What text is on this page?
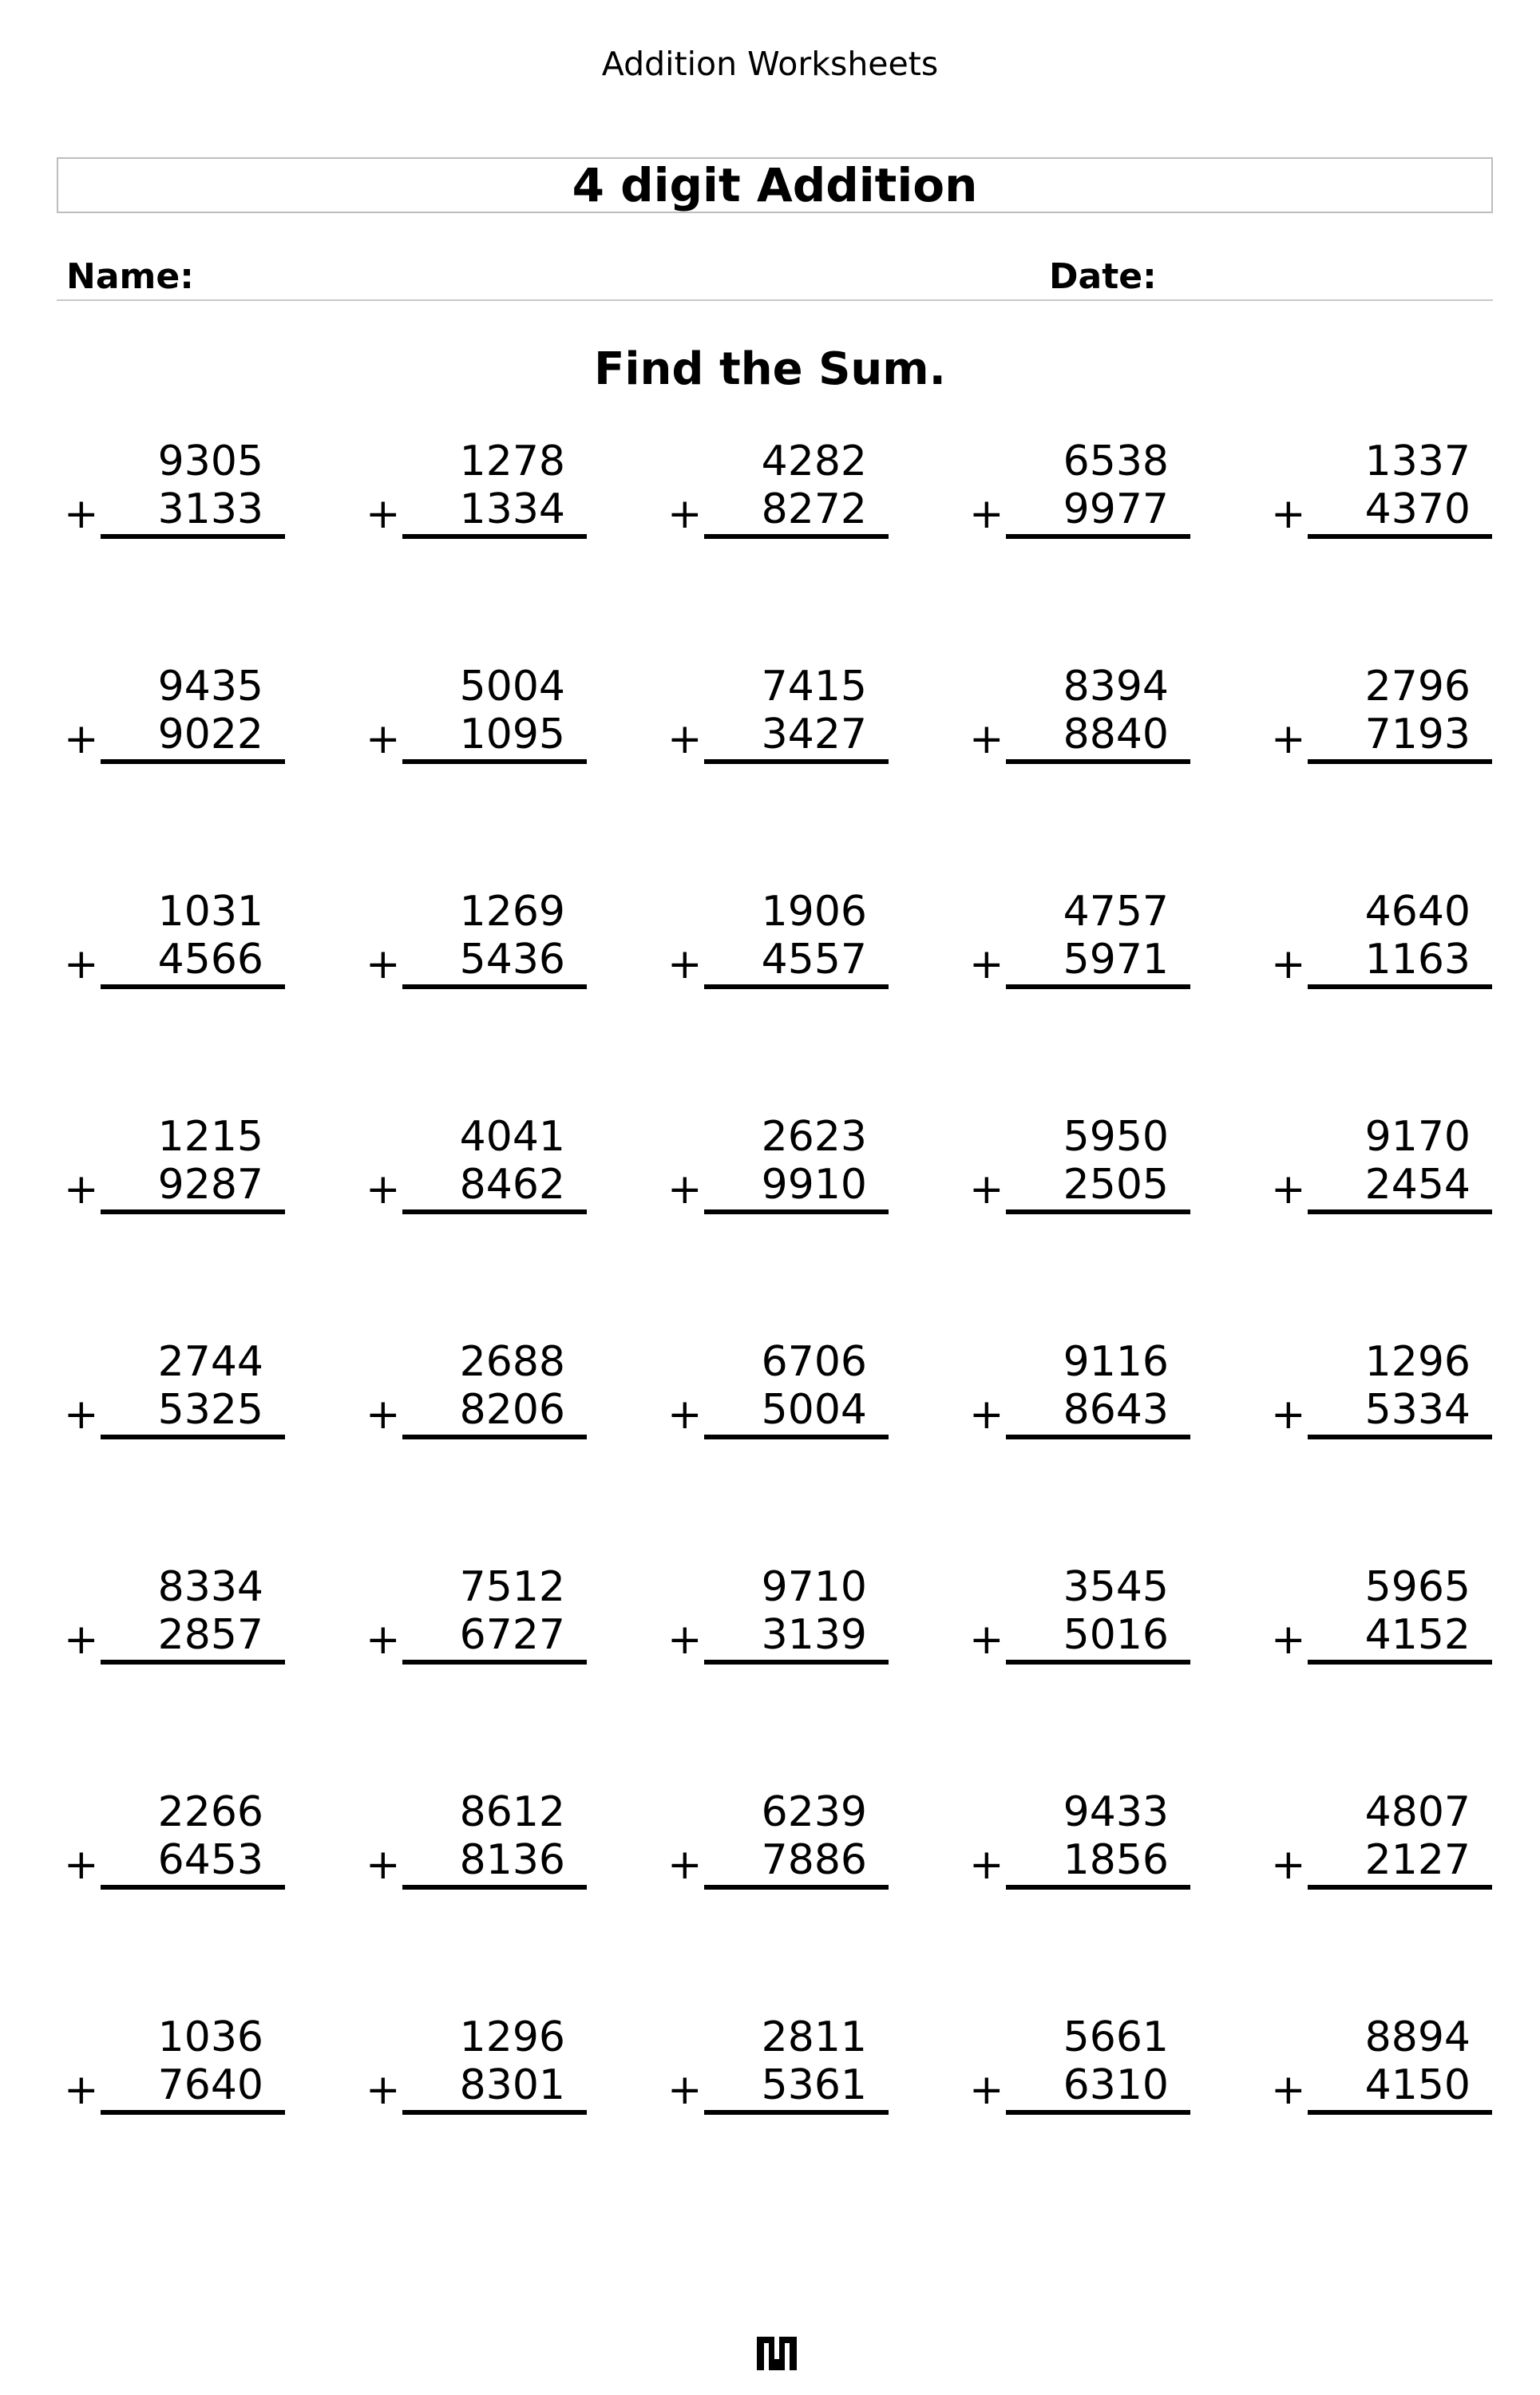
Addition Worksheets
4 digit Addition
Name:	Date:
Find the Sum.
9305
3133
+
1278
1334
+
4282
8272
+
6538
9977
+
1337
4370
+
9435
9022
+
5004
1095
+
7415
3427
+
8394
8840
+
2796
7193
+
1031
4566
+
1269
5436
+
1906
4557
+
4757
5971
+
4640
1163
+
1215
9287
+
4041
8462
+
2623
9910
+
5950
2505
+
9170
2454
+
2744
5325
+
2688
8206
+
6706
5004
+
9116
8643
+
1296
5334
+
8334
2857
+
7512
6727
+
9710
3139
+
3545
5016
+
5965
4152
+
2266
6453
+
8612
8136
+
6239
7886
+
9433
1856
+
4807
2127
+
1036
7640
+
1296
8301
+
2811
5361
+
5661
6310
+
8894
4150
+
